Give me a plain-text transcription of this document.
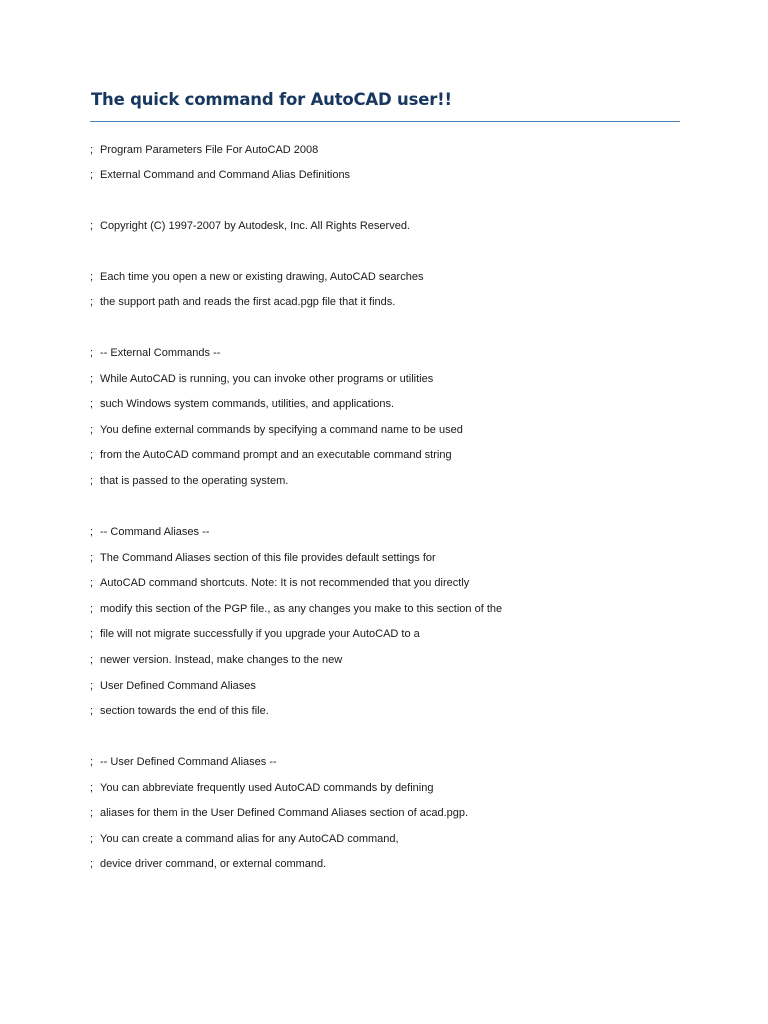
The quick command for AutoCAD user!!
; Program Parameters File For AutoCAD 2008
; External Command and Command Alias Definitions
; Copyright (C) 1997-2007 by Autodesk, Inc. All Rights Reserved.
; Each time you open a new or existing drawing, AutoCAD searches
; the support path and reads the first acad.pgp file that it finds.
; -- External Commands --
; While AutoCAD is running, you can invoke other programs or utilities
; such Windows system commands, utilities, and applications.
; You define external commands by specifying a command name to be used
; from the AutoCAD command prompt and an executable command string
; that is passed to the operating system.
; -- Command Aliases --
; The Command Aliases section of this file provides default settings for
; AutoCAD command shortcuts. Note: It is not recommended that you directly
; modify this section of the PGP file., as any changes you make to this section of the
; file will not migrate successfully if you upgrade your AutoCAD to a
; newer version. Instead, make changes to the new
; User Defined Command Aliases
; section towards the end of this file.
; -- User Defined Command Aliases --
; You can abbreviate frequently used AutoCAD commands by defining
; aliases for them in the User Defined Command Aliases section of acad.pgp.
; You can create a command alias for any AutoCAD command,
; device driver command, or external command.
